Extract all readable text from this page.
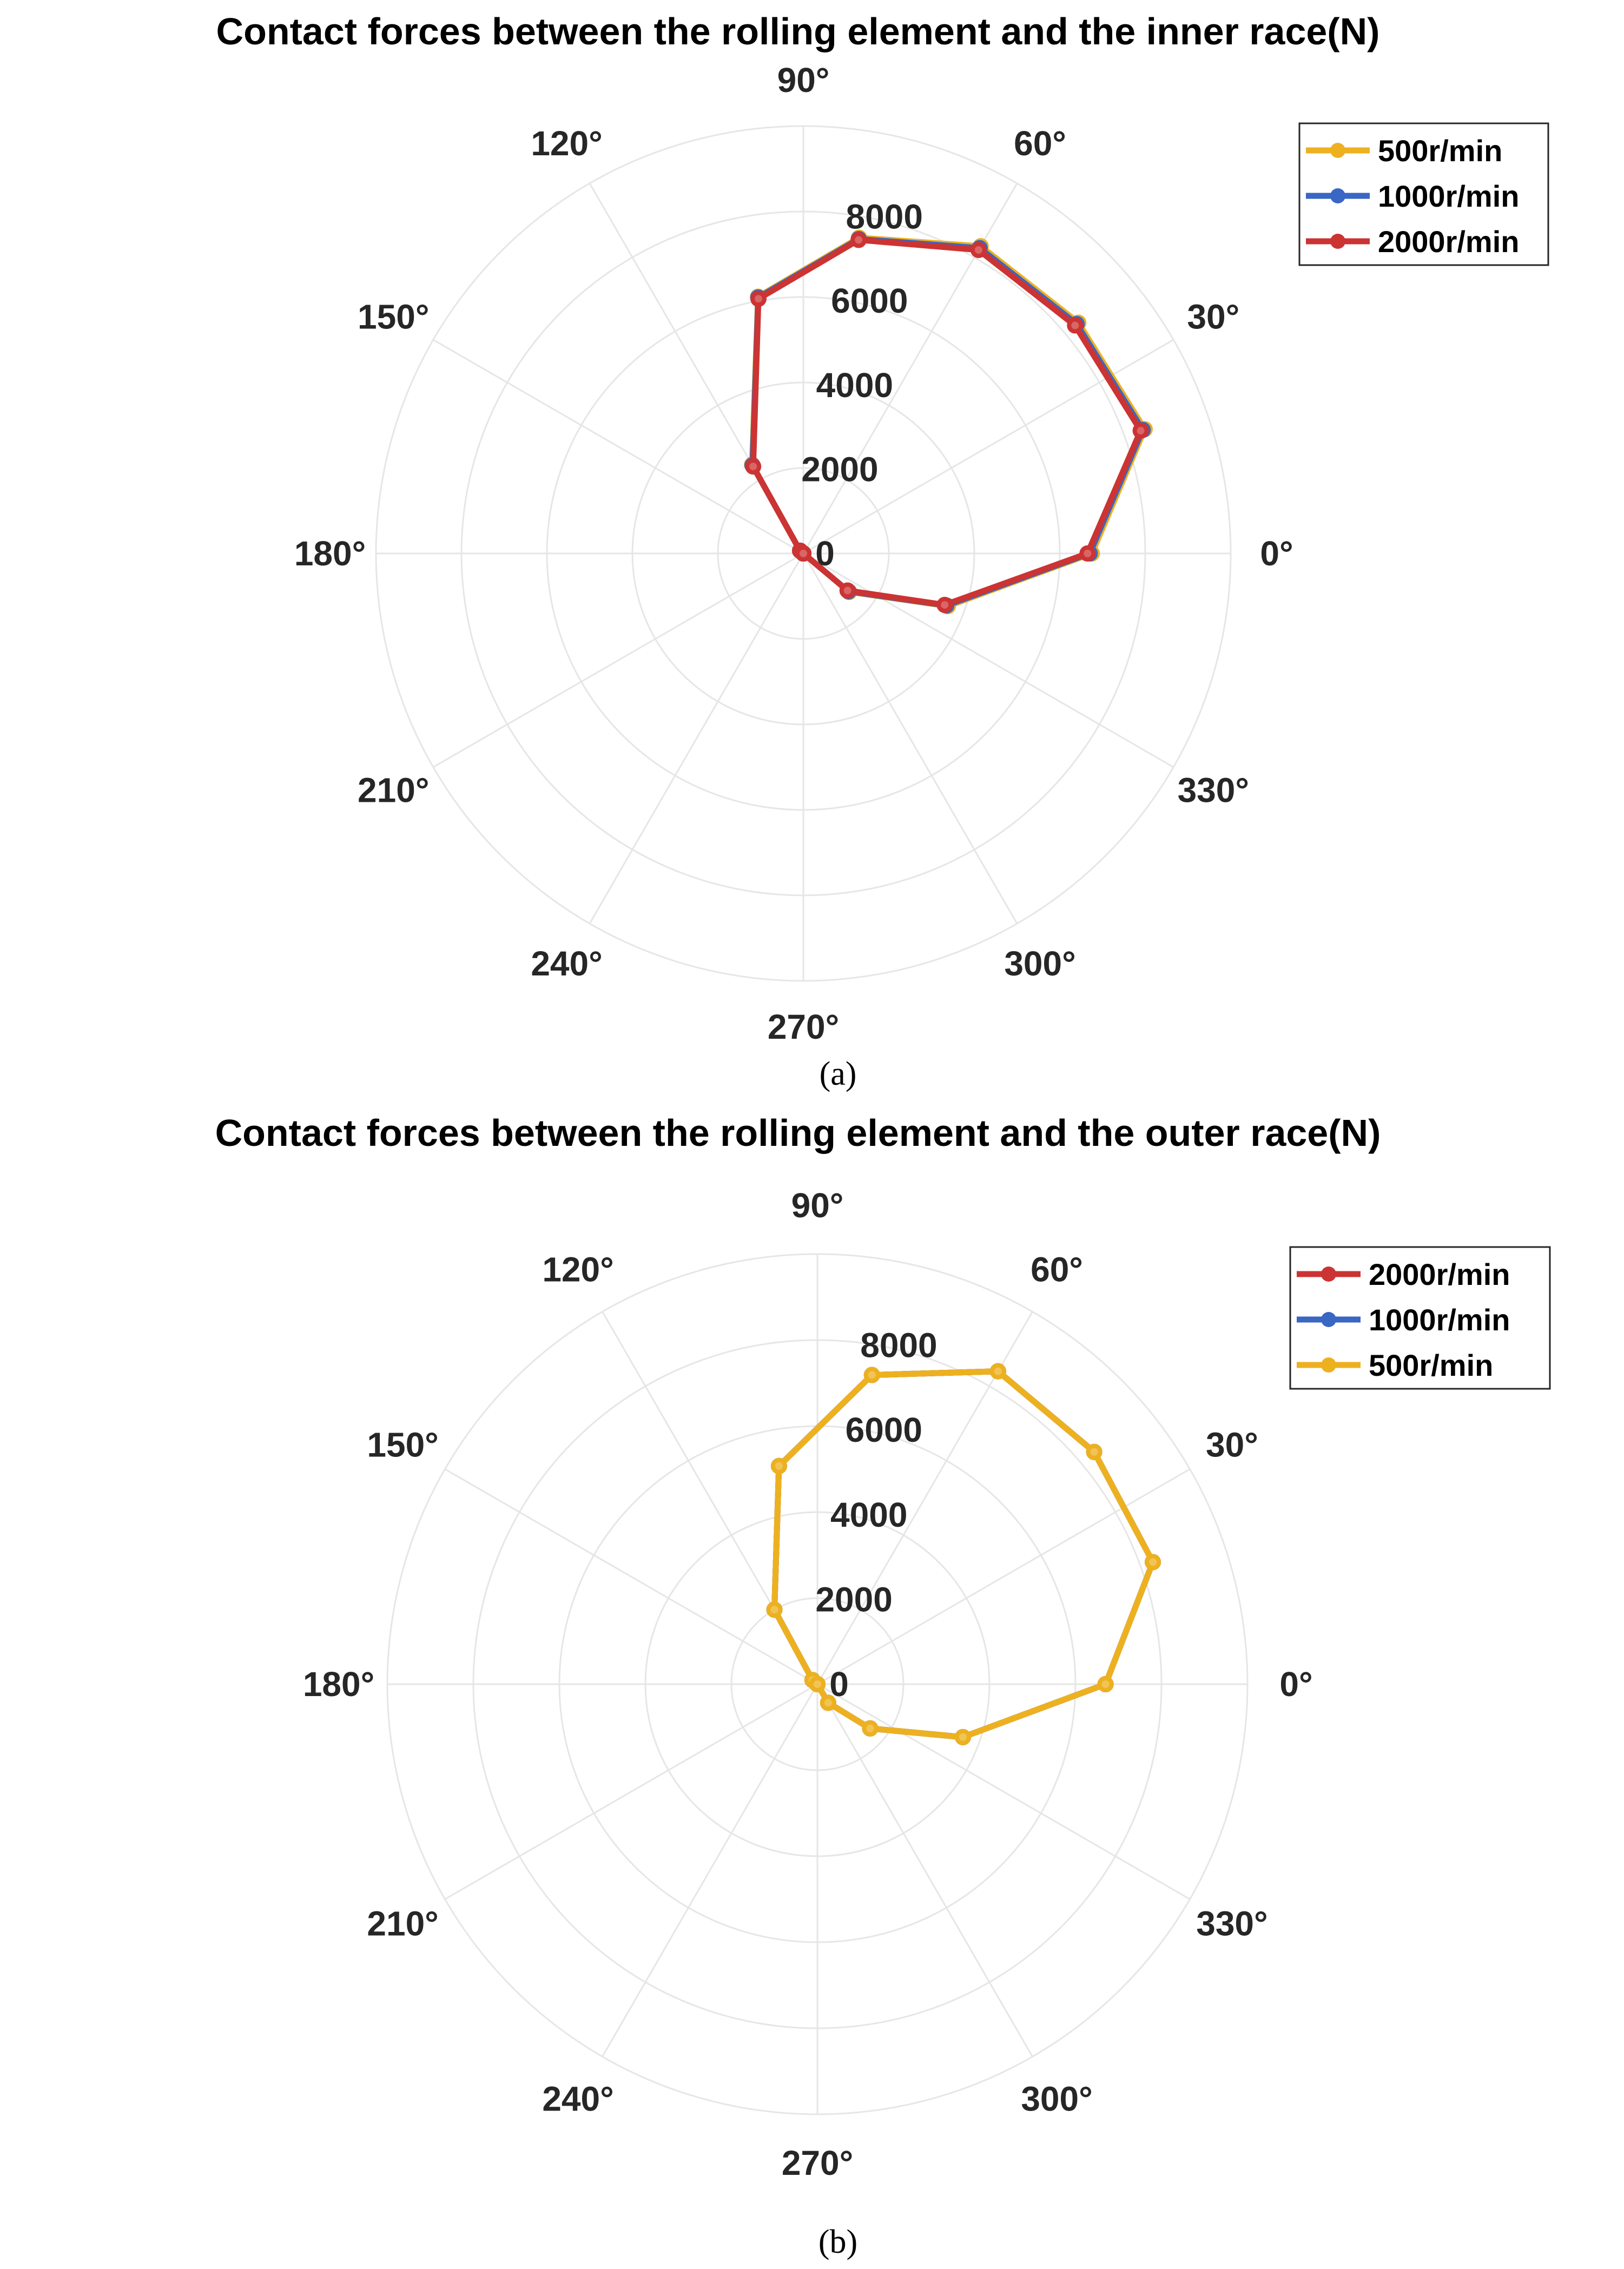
Contact forces between the rolling element and the inner race(N)
0°
30°
60°
90°
120°
150°
180°
210°
240°
270°
300°
330°
0
2000
4000
6000
8000
500r/min
1000r/min
2000r/min
(a)
Contact forces between the rolling element and the outer race(N)
0°
30°
60°
90°
120°
150°
180°
210°
240°
270°
300°
330°
0
2000
4000
6000
8000
2000r/min
1000r/min
500r/min
(b)
